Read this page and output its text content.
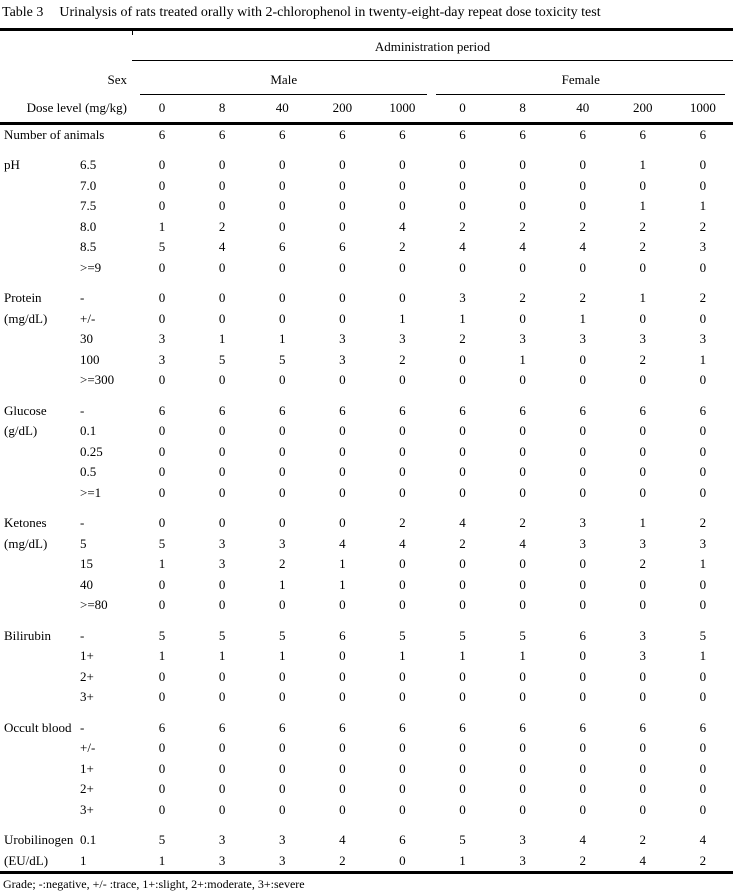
Table 3 Urinalysis of rats treated orally with 2-chlorophenol in twenty-eight-day repeat dose toxicity test
		Administration period									
Sex		Male					Female				

Dose level (mg/kg)		0	8	40	200	1000	0	8	40	200	1000
Number of animals		6	6	6	6	6	6	6	6	6	6

pH	6.5	0	0	0	0	0	0	0	0	1	0
	7.0	0	0	0	0	0	0	0	0	0	0
	7.5	0	0	0	0	0	0	0	0	1	1
	8.0	1	2	0	0	4	2	2	2	2	2
	8.5	5	4	6	6	2	4	4	4	2	3
	>=9	0	0	0	0	0	0	0	0	0	0

Protein	-	0	0	0	0	0	3	2	2	1	2
(mg/dL)	+/-	0	0	0	0	1	1	0	1	0	0
	30	3	1	1	3	3	2	3	3	3	3
	100	3	5	5	3	2	0	1	0	2	1
	>=300	0	0	0	0	0	0	0	0	0	0

Glucose	-	6	6	6	6	6	6	6	6	6	6
(g/dL)	0.1	0	0	0	0	0	0	0	0	0	0
	0.25	0	0	0	0	0	0	0	0	0	0
	0.5	0	0	0	0	0	0	0	0	0	0
	>=1	0	0	0	0	0	0	0	0	0	0

Ketones	-	0	0	0	0	2	4	2	3	1	2
(mg/dL)	5	5	3	3	4	4	2	4	3	3	3
	15	1	3	2	1	0	0	0	0	2	1
	40	0	0	1	1	0	0	0	0	0	0
	>=80	0	0	0	0	0	0	0	0	0	0

Bilirubin	-	5	5	5	6	5	5	5	6	3	5
	1+	1	1	1	0	1	1	1	0	3	1
	2+	0	0	0	0	0	0	0	0	0	0
	3+	0	0	0	0	0	0	0	0	0	0

Occult blood	-	6	6	6	6	6	6	6	6	6	6
	+/-	0	0	0	0	0	0	0	0	0	0
	1+	0	0	0	0	0	0	0	0	0	0
	2+	0	0	0	0	0	0	0	0	0	0
	3+	0	0	0	0	0	0	0	0	0	0

Urobilinogen	0.1	5	3	3	4	6	5	3	4	2	4
(EU/dL)	1	1	3	3	2	0	1	3	2	4	2
Grade; -:negative, +/- :trace, 1+:slight, 2+:moderate, 3+:severe
